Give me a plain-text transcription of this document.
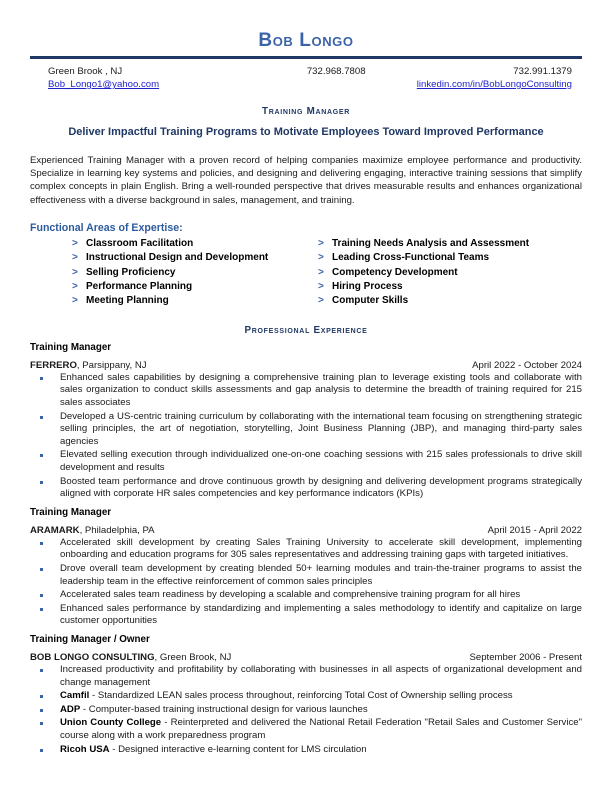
Bob Longo
Green Brook , NJ	732.968.7808	732.991.1379
Bob_Longo1@yahoo.com	linkedin.com/in/BobLongoConsulting
Training Manager
Deliver Impactful Training Programs to Motivate Employees Toward Improved Performance
Experienced Training Manager with a proven record of helping companies maximize employee performance and productivity. Specialize in learning key systems and policies, and designing and delivering engaging, interactive training sessions that simplify complex concepts in plain English. Bring a well-rounded perspective that drives measurable results and enhances organizational effectiveness with a diverse background in sales, management, and training.
Functional Areas of Expertise:
> Classroom Facilitation
> Instructional Design and Development
> Selling Proficiency
> Performance Planning
> Meeting Planning
> Training Needs Analysis and Assessment
> Leading Cross-Functional Teams
> Competency Development
> Hiring Process
> Computer Skills
Professional Experience
Training Manager
FERRERO, Parsippany, NJ	April 2022 - October 2024
Enhanced sales capabilities by designing a comprehensive training plan to leverage existing tools and collaborate with sales organization to conduct skills assessments and gap analysis to determine the breadth of training required for 215 sales associates
Developed a US-centric training curriculum by collaborating with the international team focusing on strengthening strategic selling principles, the art of negotiation, storytelling, Joint Business Planning (JBP), and managing third-party sales agencies
Elevated selling execution through individualized one-on-one coaching sessions with 215 sales professionals to drive skill development and results
Boosted team performance and drove continuous growth by designing and delivering development programs strategically aligned with corporate HR sales competencies and key performance indicators (KPIs)
Training Manager
ARAMARK, Philadelphia, PA	April 2015 - April 2022
Accelerated skill development by creating Sales Training University to accelerate skill development, implementing onboarding and education programs for 305 sales representatives and addressing training gaps with targeted initiatives.
Drove overall team development by creating blended 50+ learning modules and train-the-trainer programs to assist the leadership team in the effective reinforcement of common sales principles
Accelerated sales team readiness by developing a scalable and comprehensive training program for all hires
Enhanced sales performance by standardizing and implementing a sales methodology to identify and capitalize on large customer opportunities
Training Manager / Owner
BOB LONGO CONSULTING, Green Brook, NJ	September 2006 - Present
Increased productivity and profitability by collaborating with businesses in all aspects of organizational development and change management
Camfil - Standardized LEAN sales process throughout, reinforcing Total Cost of Ownership selling process
ADP - Computer-based training instructional design for various launches
Union County College - Reinterpreted and delivered the National Retail Federation "Retail Sales and Customer Service" course along with a work preparedness program
Ricoh USA - Designed interactive e-learning content for LMS circulation
